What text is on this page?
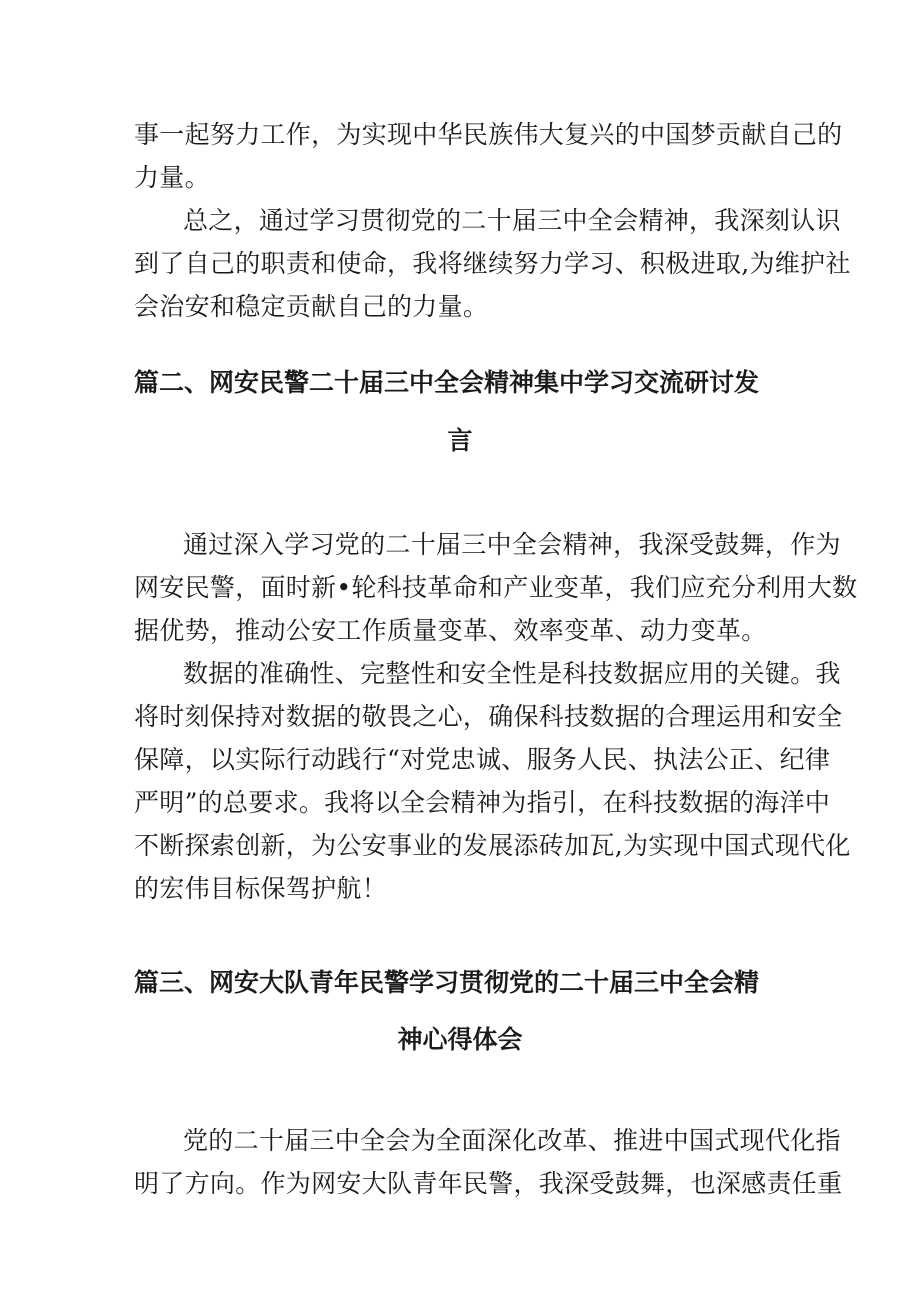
事一起努力工作，为实现中华民族伟大复兴的中国梦贡献自己的
力量。
总之，通过学习贯彻党的二十届三中全会精神，我深刻认识
到了自己的职责和使命，我将继续努力学习、积极进取,为维护社
会治安和稳定贡献自己的力量。
篇二、网安民警二十届三中全会精神集中学习交流研讨发
言
通过深入学习党的二十届三中全会精神，我深受鼓舞，作为
网安民警，面时新•轮科技革命和产业变革，我们应充分利用大数
据优势，推动公安工作质量变革、效率变革、动力变革。
数据的准确性、完整性和安全性是科技数据应用的关键。我
将时刻保持对数据的敬畏之心，确保科技数据的合理运用和安全
保障，以实际行动践行“对党忠诚、服务人民、执法公正、纪律
严明”的总要求。我将以全会精神为指引，在科技数据的海洋中
不断探索创新，为公安事业的发展添砖加瓦,为实现中国式现代化
的宏伟目标保驾护航！
篇三、网安大队青年民警学习贯彻党的二十届三中全会精
神心得体会
党的二十届三中全会为全面深化改革、推进中国式现代化指
明了方向。作为网安大队青年民警，我深受鼓舞，也深感责任重
